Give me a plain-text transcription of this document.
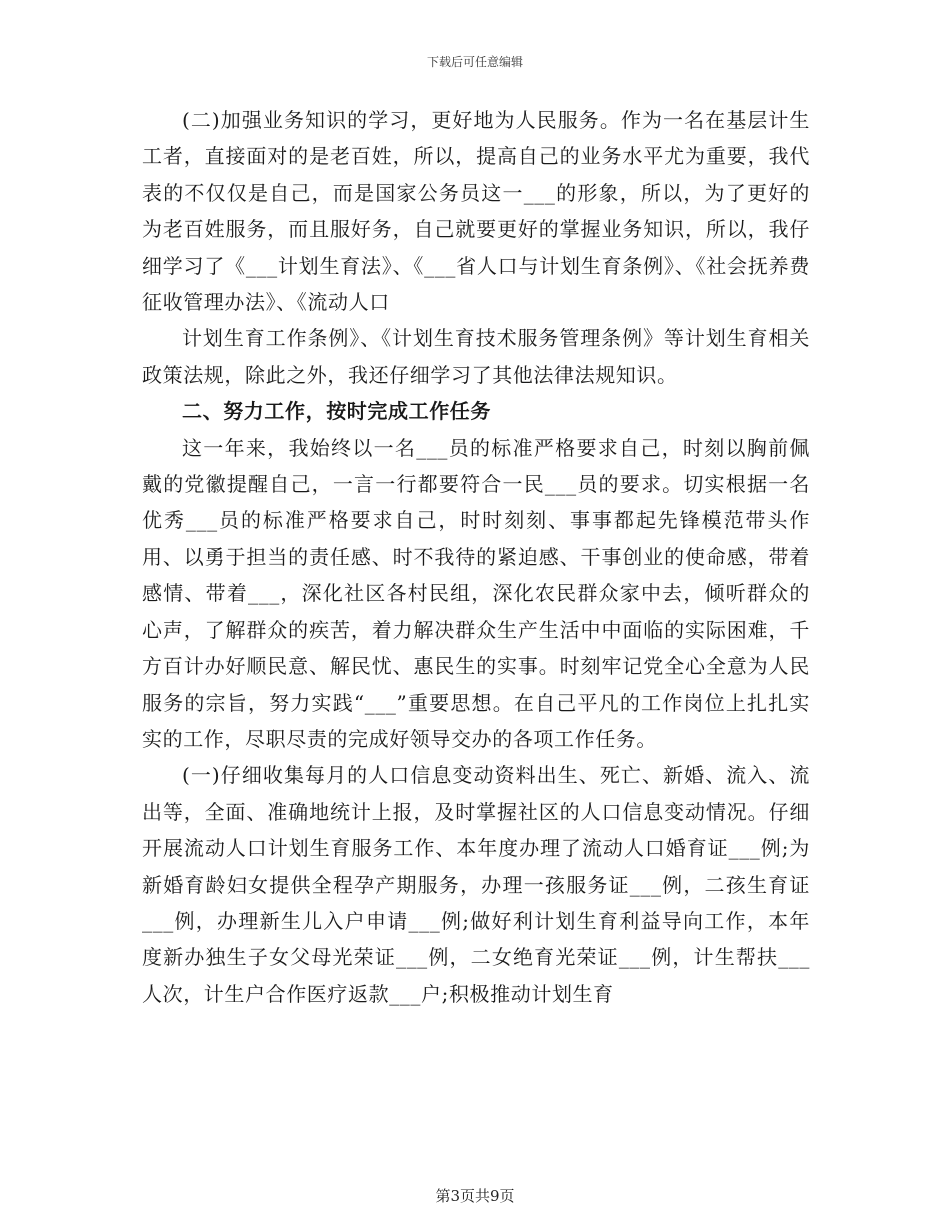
下载后可任意编辑

(二)加强业务知识的学习，更好地为人民服务。作为一名在基层计生工者，直接面对的是老百姓，所以，提高自己的业务水平尤为重要，我代表的不仅仅是自己，而是国家公务员这一___的形象，所以，为了更好的为老百姓服务，而且服好务，自己就要更好的掌握业务知识，所以，我仔细学习了《___计划生育法》、《___省人口与计划生育条例》、《社会抚养费征收管理办法》、《流动人口

计划生育工作条例》、《计划生育技术服务管理条例》等计划生育相关政策法规，除此之外，我还仔细学习了其他法律法规知识。

二、努力工作，按时完成工作任务

这一年来，我始终以一名___员的标准严格要求自己，时刻以胸前佩戴的党徽提醒自己，一言一行都要符合一民___员的要求。切实根据一名优秀___员的标准严格要求自己，时时刻刻、事事都起先锋模范带头作用、以勇于担当的责任感、时不我待的紧迫感、干事创业的使命感，带着感情、带着___，深化社区各村民组，深化农民群众家中去，倾听群众的心声，了解群众的疾苦，着力解决群众生产生活中中面临的实际困难，千方百计办好顺民意、解民忧、惠民生的实事。时刻牢记党全心全意为人民服务的宗旨，努力实践“___”重要思想。在自己平凡的工作岗位上扎扎实实的工作，尽职尽责的完成好领导交办的各项工作任务。

(一)仔细收集每月的人口信息变动资料出生、死亡、新婚、流入、流出等，全面、准确地统计上报，及时掌握社区的人口信息变动情况。仔细开展流动人口计划生育服务工作、本年度办理了流动人口婚育证___例;为新婚育龄妇女提供全程孕产期服务，办理一孩服务证___例，二孩生育证___例，办理新生儿入户申请___例;做好利计划生育利益导向工作，本年度新办独生子女父母光荣证___例，二女绝育光荣证___例，计生帮扶___人次，计生户合作医疗返款___户;积极推动计划生育

第3页共9页
